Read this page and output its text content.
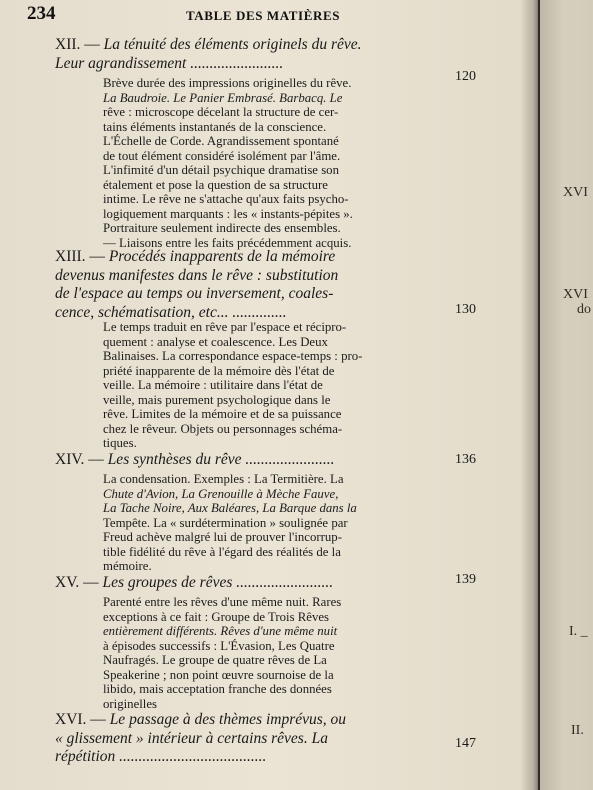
234	TABLE DES MATIÈRES
XII. — La ténuité des éléments originels du rêve.
Leur agrandissement ........................
120
Brève durée des impressions originelles du rêve.
La Baudroie. Le Panier Embrasé. Barbacq. Le
rêve : microscope décelant la structure de cer-
tains éléments instantanés de la conscience.
L'Échelle de Corde. Agrandissement spontané
de tout élément considéré isolément par l'âme.
L'infimité d'un détail psychique dramatise son
étalement et pose la question de sa structure
intime. Le rêve ne s'attache qu'aux faits psycho-
logiquement marquants : les « instants-pépites ».
Portraiture seulement indirecte des ensembles.
— Liaisons entre les faits précédemment acquis.
XIII. — Procédés inapparents de la mémoire
devenus manifestes dans le rêve : substitution
de l'espace au temps ou inversement, coales-
cence, schématisation, etc... ..............	130
Le temps traduit en rêve par l'espace et récipro-
quement : analyse et coalescence. Les Deux
Balinaises. La correspondance espace-temps : pro-
priété inapparente de la mémoire dès l'état de
veille. La mémoire : utilitaire dans l'état de
veille, mais purement psychologique dans le
rêve. Limites de la mémoire et de sa puissance
chez le rêveur. Objets ou personnages schéma-
tiques.
XIV. — Les synthèses du rêve .......................	136
La condensation. Exemples : La Termitière. La
Chute d'Avion, La Grenouille à Mèche Fauve,
La Tache Noire, Aux Baléares, La Barque dans la
Tempête. La « surdétermination » soulignée par
Freud achève malgré lui de prouver l'incorrup-
tible fidélité du rêve à l'égard des réalités de la
mémoire.
XV. — Les groupes de rêves .........................	139
Parenté entre les rêves d'une même nuit. Rares
exceptions à ce fait : Groupe de Trois Rêves
entièrement différents. Rêves d'une même nuit
à épisodes successifs : L'Évasion, Les Quatre
Naufragés. Le groupe de quatre rêves de La
Speakerine ; non point œuvre sournoise de la
libido, mais acceptation franche des données
originelles
XVI. — Le passage à des thèmes imprévus, ou
« glissement » intérieur à certains rêves. La
répétition ......................................
147
XVI
XVI
do
I. _
II.
